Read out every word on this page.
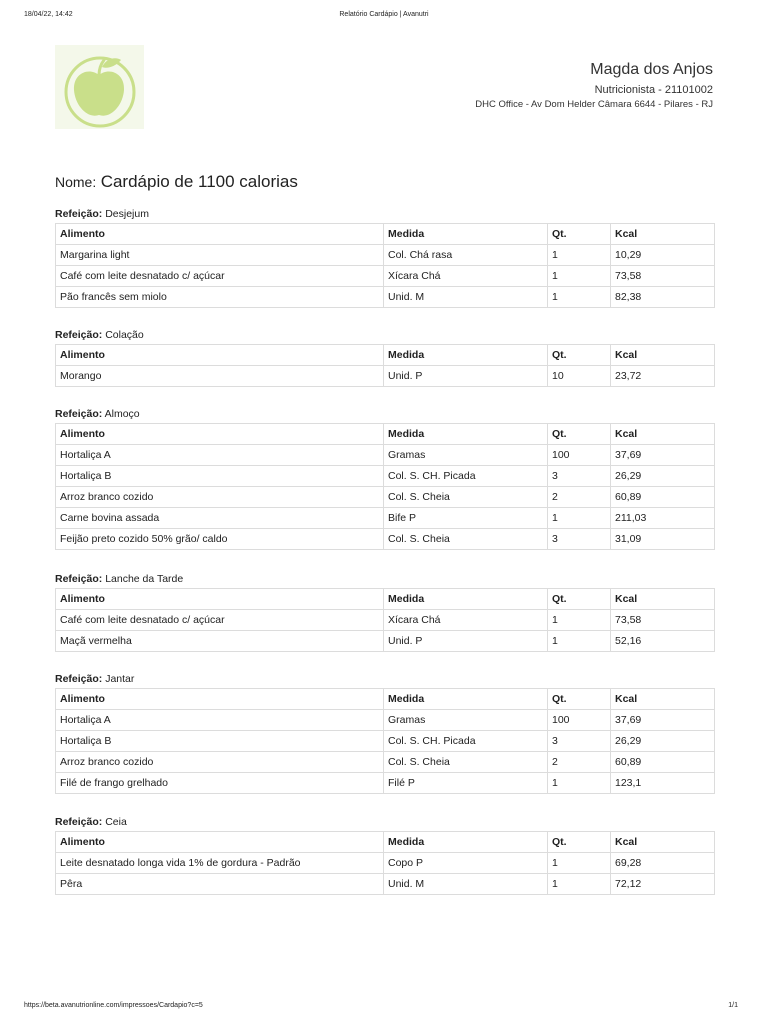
18/04/22, 14:42	Relatório Cardápio | Avanutri
Magda dos Anjos
Nutricionista - 21101002
DHC Office - Av Dom Helder Câmara 6644 - Pilares - RJ
Nome: Cardápio de 1100 calorias
Refeição: Desjejum
Alimento	Medida	Qt.	Kcal
Margarina light	Col. Chá rasa	1	10,29
Café com leite desnatado c/ açúcar	Xícara Chá	1	73,58
Pão francês sem miolo	Unid. M	1	82,38
Refeição: Colação
Alimento	Medida	Qt.	Kcal
Morango	Unid. P	10	23,72
Refeição: Almoço
Alimento	Medida	Qt.	Kcal
Hortaliça A	Gramas	100	37,69
Hortaliça B	Col. S. CH. Picada	3	26,29
Arroz branco cozido	Col. S. Cheia	2	60,89
Carne bovina assada	Bife P	1	211,03
Feijão preto cozido 50% grão/ caldo	Col. S. Cheia	3	31,09
Refeição: Lanche da Tarde
Alimento	Medida	Qt.	Kcal
Café com leite desnatado c/ açúcar	Xícara Chá	1	73,58
Maçã vermelha	Unid. P	1	52,16
Refeição: Jantar
Alimento	Medida	Qt.	Kcal
Hortaliça A	Gramas	100	37,69
Hortaliça B	Col. S. CH. Picada	3	26,29
Arroz branco cozido	Col. S. Cheia	2	60,89
Filé de frango grelhado	Filé P	1	123,1
Refeição: Ceia
Alimento	Medida	Qt.	Kcal
Leite desnatado longa vida 1% de gordura - Padrão	Copo P	1	69,28
Pêra	Unid. M	1	72,12
https://beta.avanutrionline.com/impressoes/Cardapio?c=5	1/1
